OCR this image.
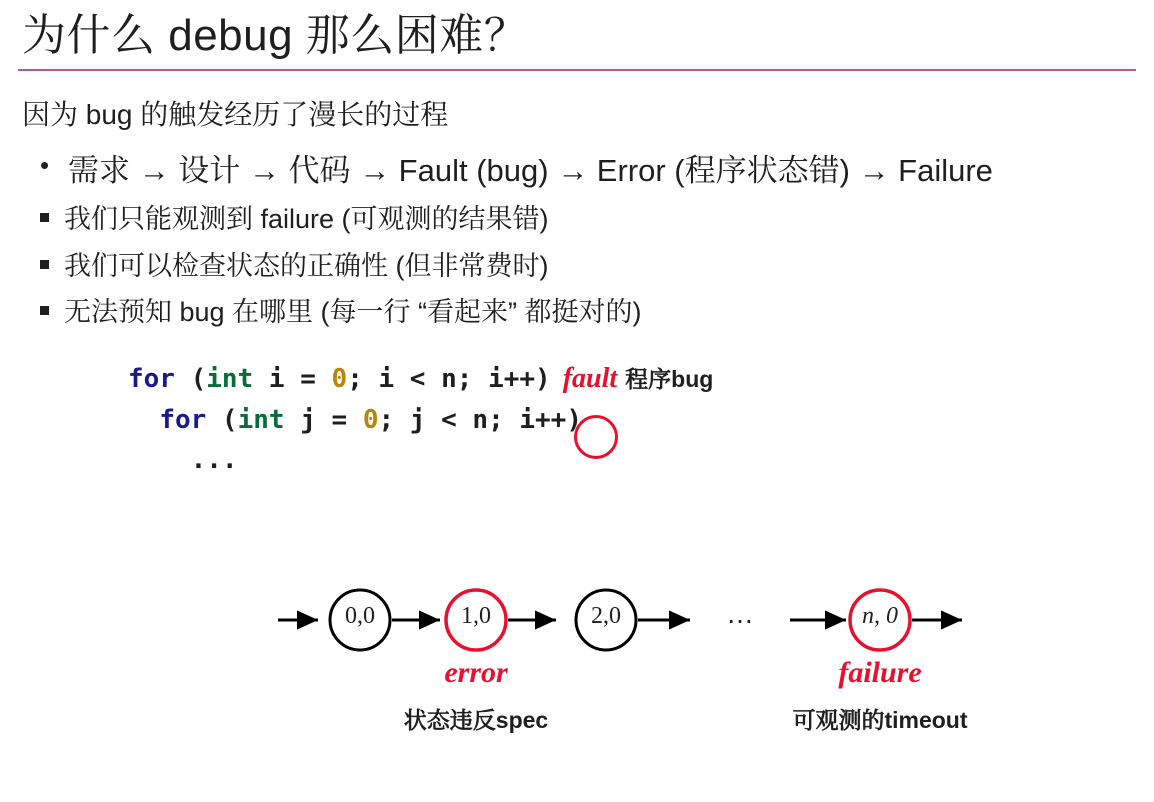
为什么 debug 那么困难？
因为 bug 的触发经历了漫长的过程
• 需求 → 设计 → 代码 → Fault (bug) → Error (程序状态错) → Failure
我们只能观测到 failure (可观测的结果错)
我们可以检查状态的正确性 (但非常费时)
无法预知 bug 在哪里 (每一行 “看起来” 都挺对的)
for (int i = 0; i < n; i++) fault 程序bug
for (int j = 0; j < n; i++)
...
0,0	1,0	2,0	n, 0
…
error	failure
状态违反spec	可观测的timeout
